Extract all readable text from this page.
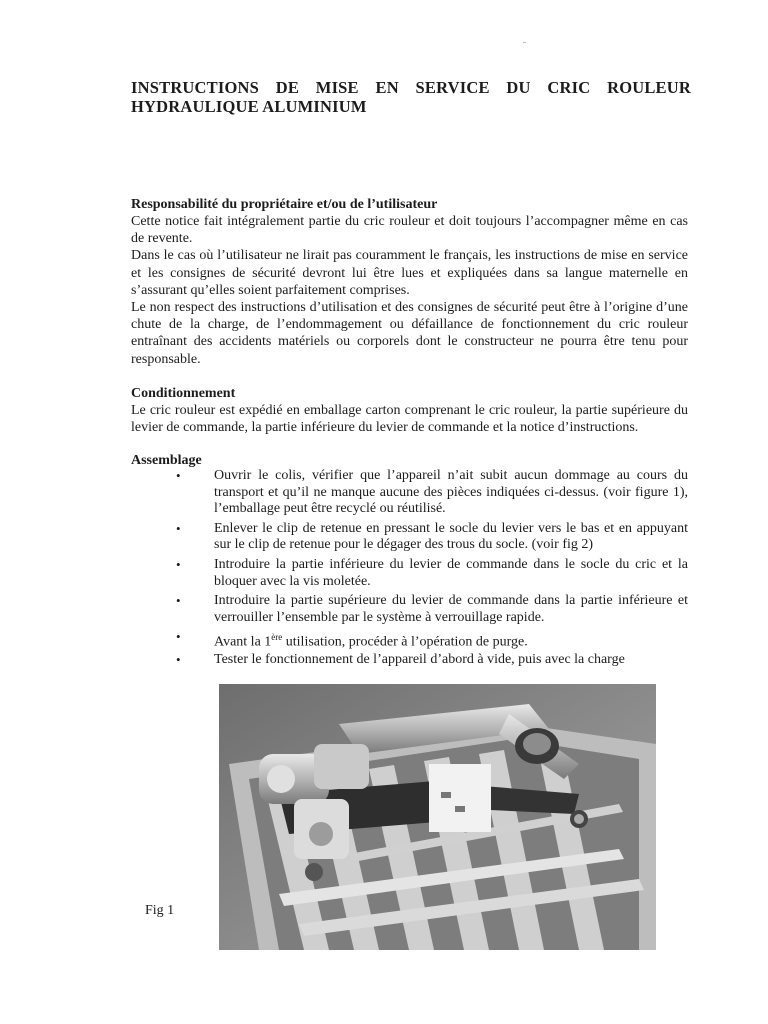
INSTRUCTIONS DE MISE EN SERVICE DU CRIC ROULEUR HYDRAULIQUE ALUMINIUM

Responsabilité du propriétaire et/ou de l’utilisateur

Cette notice fait intégralement partie du cric rouleur et doit toujours l’accompagner même en cas de revente.

Dans le cas où l’utilisateur ne lirait pas couramment le français, les instructions de mise en service et les consignes de sécurité devront lui être lues et expliquées dans sa langue maternelle en s’assurant qu’elles soient parfaitement comprises.

Le non respect des instructions d’utilisation et des consignes de sécurité peut être à l’origine d’une chute de la charge, de l’endommagement ou défaillance de fonctionnement du cric rouleur entraînant des accidents matériels ou corporels dont le constructeur ne pourra être tenu pour responsable.

Conditionnement

Le cric rouleur est expédié en emballage carton comprenant le cric rouleur, la partie supérieure du levier de commande, la partie inférieure du levier de commande et la notice d’instructions.

Assemblage

• Ouvrir le colis, vérifier que l’appareil n’ait subit aucun dommage au cours du transport et qu’il ne manque aucune des pièces indiquées ci-dessus. (voir figure 1), l’emballage peut être recyclé ou réutilisé.
• Enlever le clip de retenue en pressant le socle du levier vers le bas et en appuyant sur le clip de retenue pour le dégager des trous du socle. (voir fig 2)
• Introduire la partie inférieure du levier de commande dans le socle du cric et la bloquer avec la vis moletée.
• Introduire la partie supérieure du levier de commande dans la partie inférieure et verrouiller l’ensemble par le système à verrouillage rapide.
• Avant la 1ère utilisation, procéder à l’opération de purge.
• Tester le fonctionnement de l’appareil d’abord à vide, puis avec la charge
Fig 1
